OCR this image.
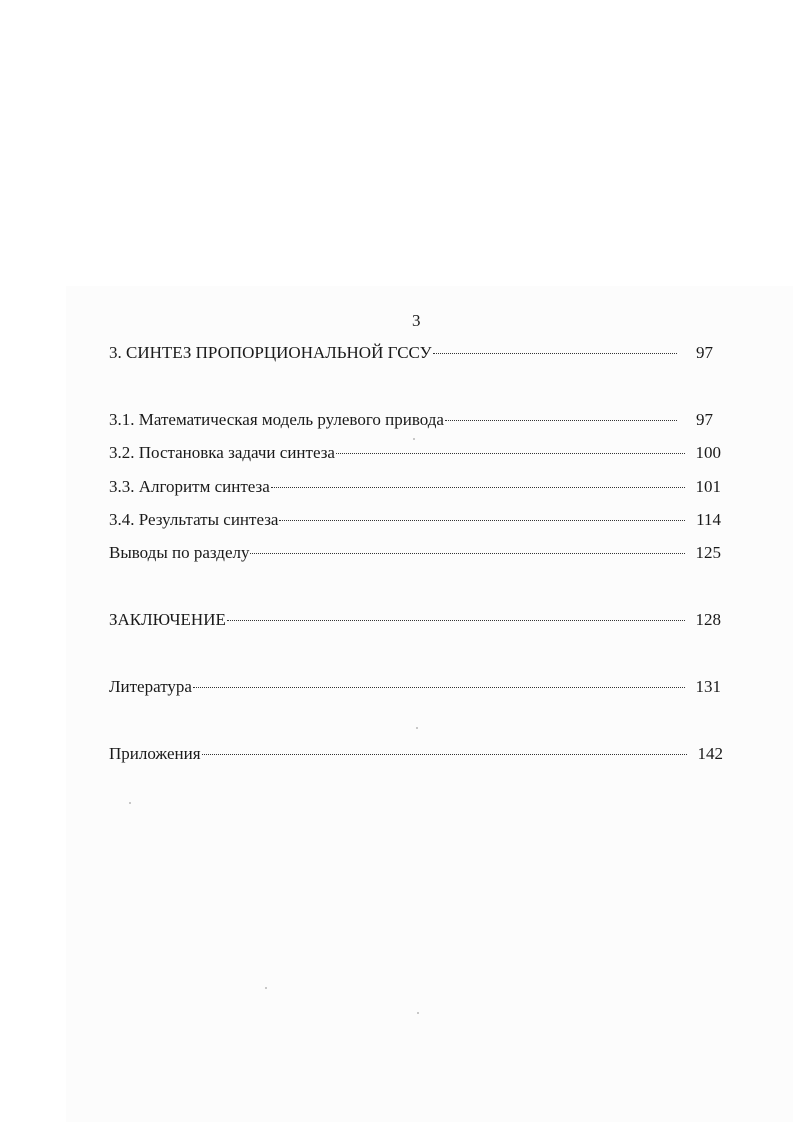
3
3. СИНТЕЗ ПРОПОРЦИОНАЛЬНОЙ ГССУ	97
3.1. Математическая модель рулевого привода	97
3.2. Постановка задачи синтеза	100
3.3. Алгоритм синтеза	101
3.4. Результаты синтеза	114
Выводы по разделу	125
ЗАКЛЮЧЕНИЕ	128
Литература	131
Приложения	142
